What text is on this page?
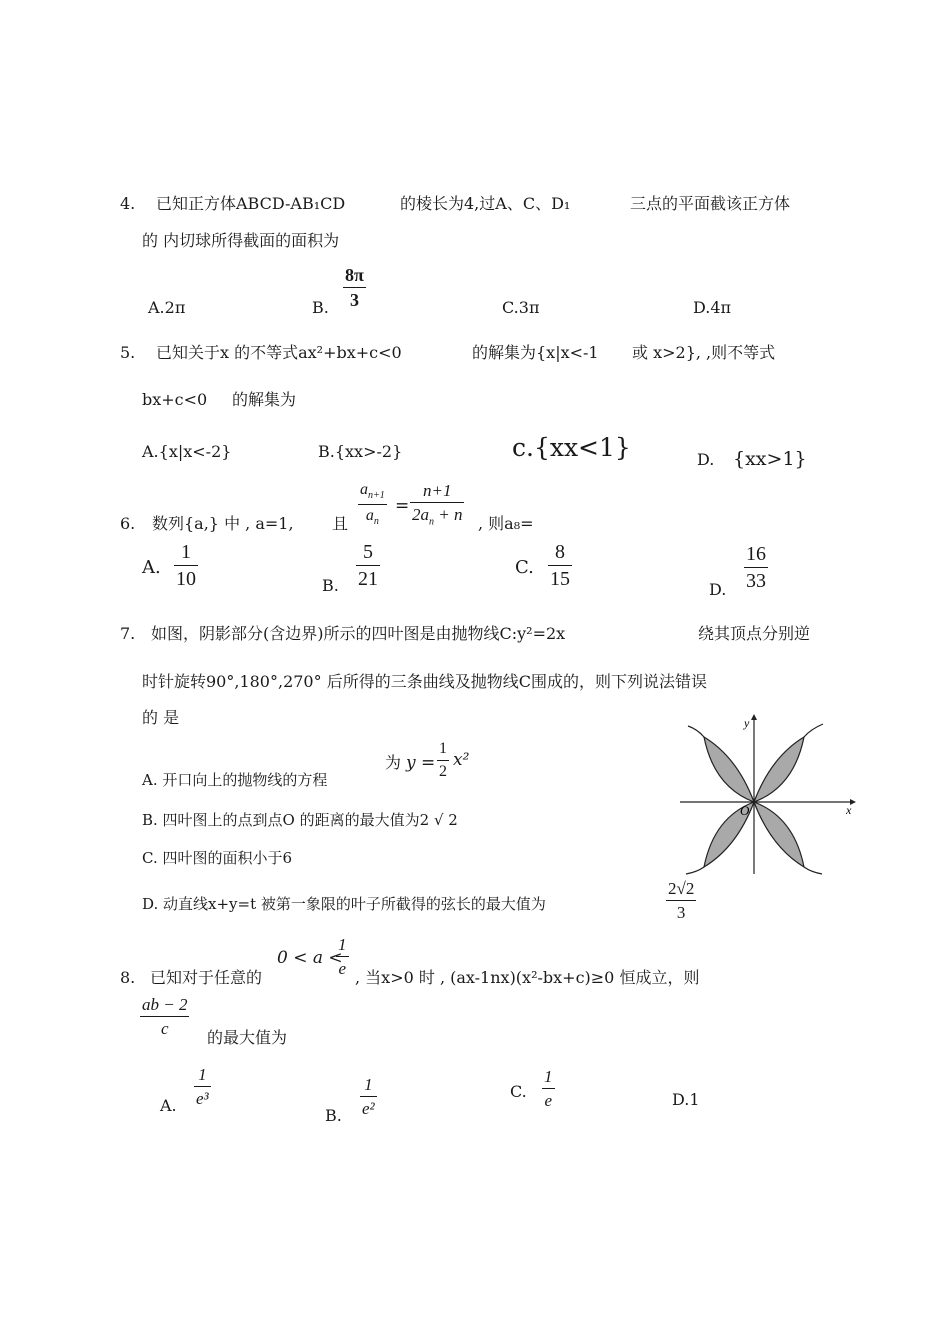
4. 已知正方体ABCD-AB₁CD	的棱长为4,过A、C、D₁	三点的平面截该正方体
的 内切球所得截面的面积为
A.2π	B.
8π
3	C.3π	D.4π
5. 已知关于x 的不等式ax²+bx+c<0	的解集为{x|x<-1 或 x>2}, ,则不等式
bx+c<0 的解集为
A.{x|x<-2}	B.{xx>-2}	c.{xx<1}	D. {xx>1}
6. 数列{a,} 中 , a=1, 且
$a_{n+1}$
$a_n$
=
n+1
$2a_n + n$ , 则a₈=
A.
1
10	B.
5
21
C.
8
15	D.
16
33
7. 如图，阴影部分(含边界)所示的四叶图是由抛物线C:y²=2x	绕其顶点分别逆
时针旋转90°,180°,270° 后所得的三条曲线及抛物线C围成的，则下列说法错误
的 是
A. 开口向上的抛物线的方程
为 y =
1
2
x²
B. 四叶图上的点到点O 的距离的最大值为2 √ 2
C. 四叶图的面积小于6
D. 动直线x+y=t 被第一象限的叶子所截得的弦长的最大值为
2√2
3
y
x
O
8. 已知对于任意的
0 < a <
1
e , 当x>0 时 , (ax-1nx)(x²-bx+c)≥0 恒成立，则
ab − 2
c 的最大值为
A.
1
e³
B.
1
e²
C.
1
e	D.1
